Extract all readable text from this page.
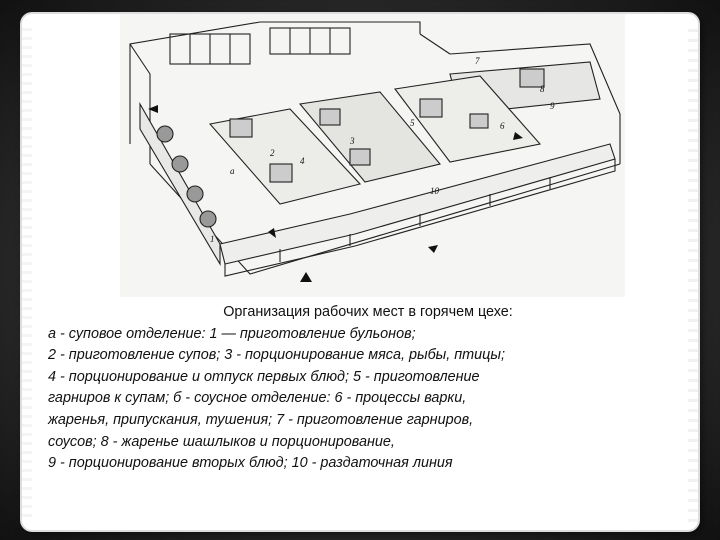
а
1
2
3
4
5	6
7
8
9
10
Организация рабочих мест в горячем цехе:
а - суповое отделение: 1 — приготовление бульонов;
2 - приготовление супов; 3 - порционирование мяса, рыбы, птицы;
4 - порционирование и отпуск первых блюд; 5 - приготовление
гарниров к супам; б - соусное отделение: 6 - процессы варки,
жаренья, припускания, тушения; 7 - приготовление гарниров,
соусов; 8 - жаренье шашлыков и порционирование,
9 - порционирование вторых блюд; 10 - раздаточная линия
